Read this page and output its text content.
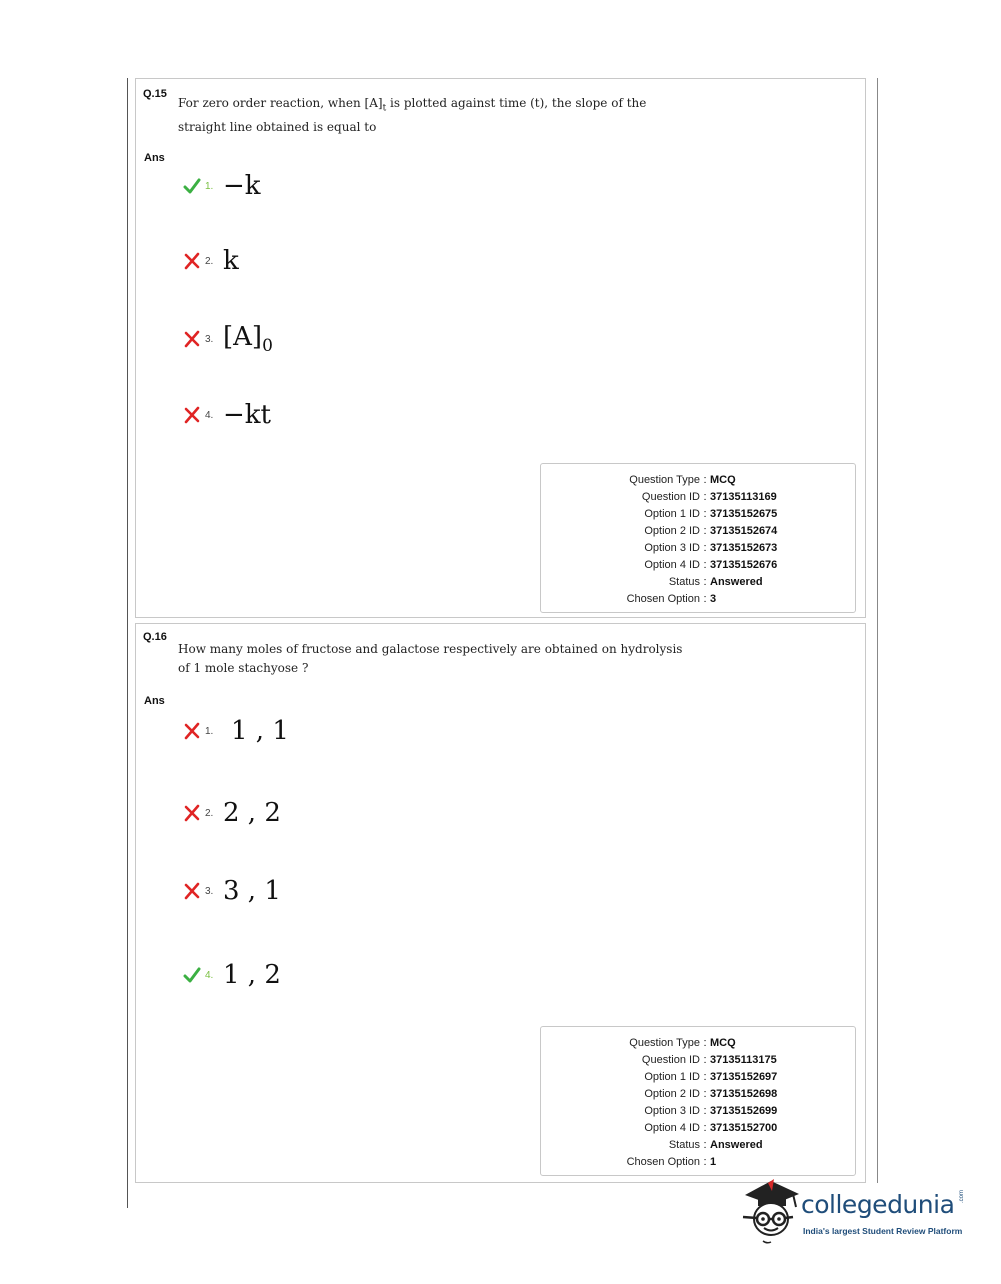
Q.15
For zero order reaction, when $[A]_t$ is plotted against time (t), the slope of the
straight line obtained is equal to
Ans
1. −k
2. k
3. $[A]_0$
4. −kt
Question Type : MCQ
Question ID : 37135113169
Option 1 ID : 37135152675
Option 2 ID : 37135152674
Option 3 ID : 37135152673
Option 4 ID : 37135152676
Status : Answered
Chosen Option : 3
Q.16
How many moles of fructose and galactose respectively are obtained on hydrolysis
of 1 mole stachyose ?
Ans
1. 1 , 1
2. 2 , 2
3. 3 , 1
4. 1 , 2
Question Type : MCQ
Question ID : 37135113175
Option 1 ID : 37135152697
Option 2 ID : 37135152698
Option 3 ID : 37135152699
Option 4 ID : 37135152700
Status : Answered
Chosen Option : 1
collegedunia .com
India's largest Student Review Platform
